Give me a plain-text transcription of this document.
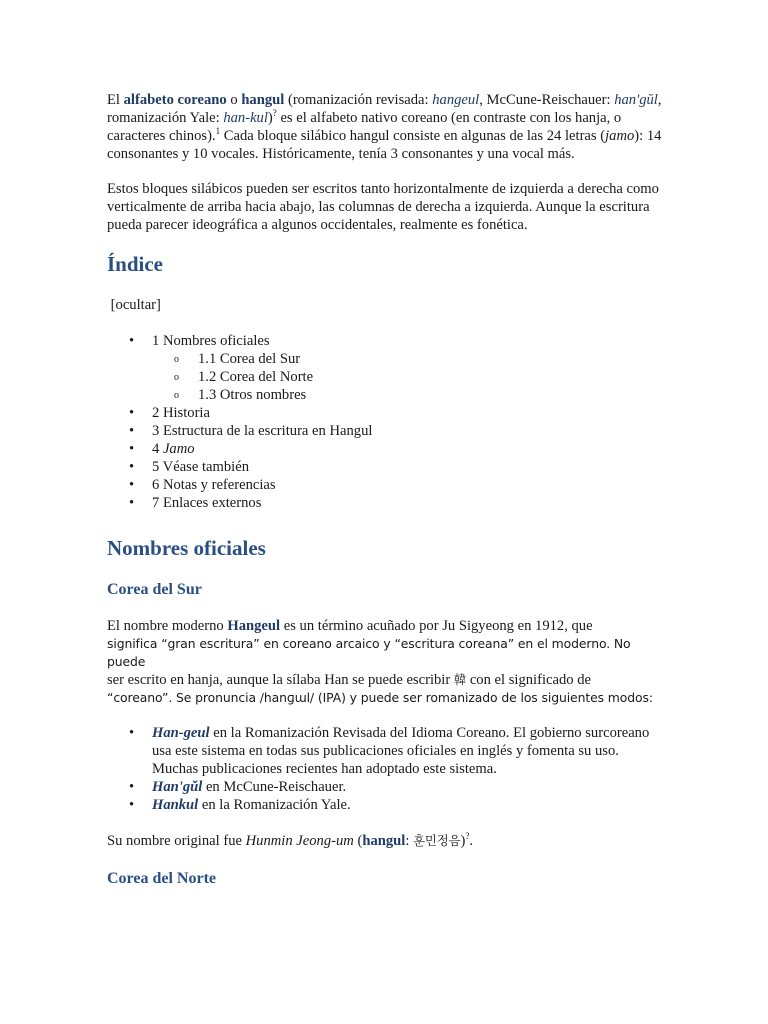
El alfabeto coreano o hangul (romanización revisada: hangeul, McCune-Reischauer: han'gŭl, romanización Yale: han-kul)? es el alfabeto nativo coreano (en contraste con los hanja, o caracteres chinos).$^1$ Cada bloque silábico hangul consiste en algunas de las 24 letras (jamo): 14 consonantes y 10 vocales. Históricamente, tenía 3 consonantes y una vocal más.

Estos bloques silábicos pueden ser escritos tanto horizontalmente de izquierda a derecha como verticalmente de arriba hacia abajo, las columnas de derecha a izquierda. Aunque la escritura pueda parecer ideográfica a algunos occidentales, realmente es fonética.

Índice
[ocultar]
• 1 Nombres oficiales
o 1.1 Corea del Sur
o 1.2 Corea del Norte
o 1.3 Otros nombres
• 2 Historia
• 3 Estructura de la escritura en Hangul
• 4 Jamo
• 5 Véase también
• 6 Notas y referencias
• 7 Enlaces externos
Nombres oficiales
Corea del Sur

El nombre moderno Hangeul es un término acuñado por Ju Sigyeong en 1912, que
significa “gran escritura” en coreano arcaico y “escritura coreana” en el moderno. No puede
ser escrito en hanja, aunque la sílaba Han se puede escribir 韓 con el significado de
“coreano”. Se pronuncia /hanɡɯl/ (IPA) y puede ser romanizado de los siguientes modos:

• Han-geul en la Romanización Revisada del Idioma Coreano. El gobierno surcoreano usa este sistema en todas sus publicaciones oficiales en inglés y fomenta su uso. Muchas publicaciones recientes han adoptado este sistema.
• Han'gŭl en McCune-Reischauer.
• Hankul en la Romanización Yale.

Su nombre original fue Hunmin Jeong-um (hangul: 훈민정음)?.

Corea del Norte
